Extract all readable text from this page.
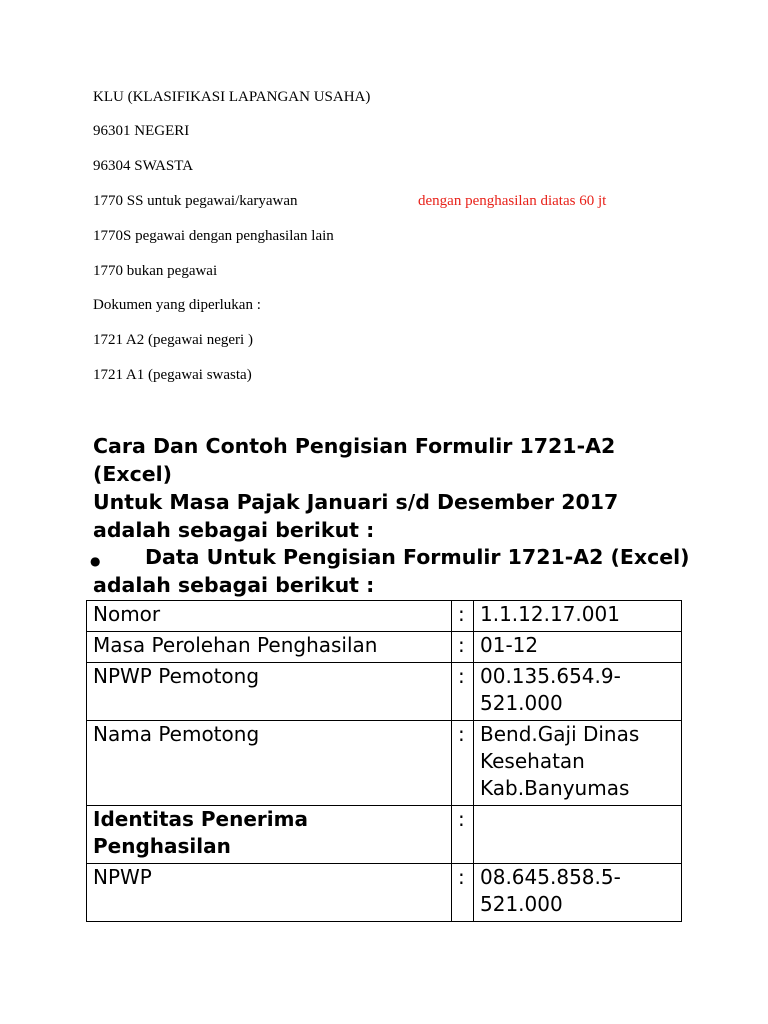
KLU (KLASIFIKASI LAPANGAN USAHA)

96301 NEGERI

96304 SWASTA

1770 SS untuk pegawai/karyawan	dengan penghasilan diatas 60 jt

1770S pegawai dengan penghasilan lain

1770 bukan pegawai

Dokumen yang diperlukan :

1721 A2 (pegawai negeri )

1721 A1 (pegawai swasta)

Cara Dan Contoh Pengisian Formulir 1721-A2 (Excel)

Untuk Masa Pajak Januari s/d Desember 2017 adalah sebagai berikut :

●	Data Untuk Pengisian Formulir 1721-A2 (Excel) adalah sebagai berikut :

Nomor	:	1.1.12.17.001
Masa Perolehan Penghasilan	:	01-12
NPWP Pemotong	:	00.135.654.9-521.000
Nama Pemotong	:	Bend.Gaji Dinas Kesehatan Kab.Banyumas
Identitas Penerima Penghasilan	:	
NPWP	:	08.645.858.5-521.000
